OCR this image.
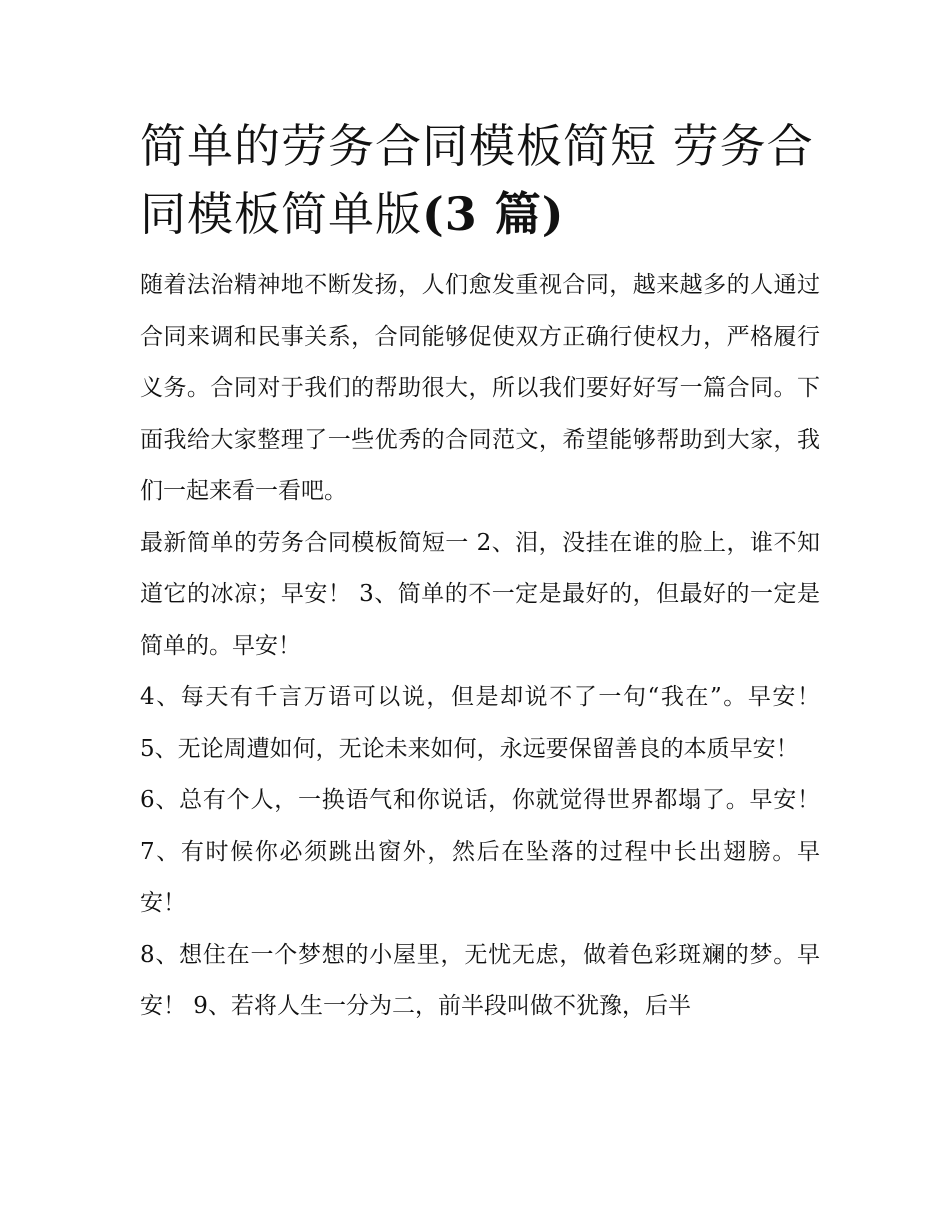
简单的劳务合同模板简短 劳务合同模板简单版(3 篇)

随着法治精神地不断发扬，人们愈发重视合同，越来越多的人通过合同来调和民事关系，合同能够促使双方正确行使权力，严格履行义务。合同对于我们的帮助很大，所以我们要好好写一篇合同。下面我给大家整理了一些优秀的合同范文，希望能够帮助到大家，我们一起来看一看吧。

最新简单的劳务合同模板简短一 2、泪，没挂在谁的脸上，谁不知道它的冰凉；早安！ 3、简单的不一定是最好的，但最好的一定是简单的。早安！

4、每天有千言万语可以说，但是却说不了一句“我在”。早安！ 5、无论周遭如何，无论未来如何，永远要保留善良的本质早安！

6、总有个人，一换语气和你说话，你就觉得世界都塌了。早安！ 7、有时候你必须跳出窗外，然后在坠落的过程中长出翅膀。早安！

8、想住在一个梦想的小屋里，无忧无虑，做着色彩斑斓的梦。早安！ 9、若将人生一分为二，前半段叫做不犹豫，后半
